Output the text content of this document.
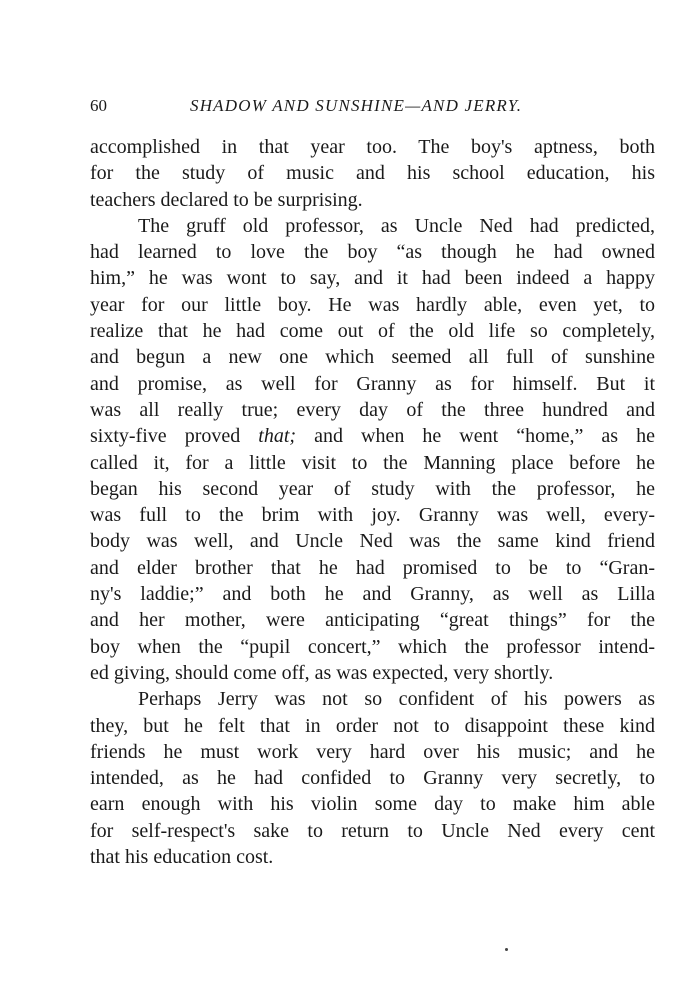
60	SHADOW AND SUNSHINE—AND JERRY.
accomplished in that year too. The boy's aptness, both
for the study of music and his school education, his
teachers declared to be surprising.
The gruff old professor, as Uncle Ned had predicted,
had learned to love the boy “as though he had owned
him,” he was wont to say, and it had been indeed a happy
year for our little boy. He was hardly able, even yet, to
realize that he had come out of the old life so completely,
and begun a new one which seemed all full of sunshine
and promise, as well for Granny as for himself. But it
was all really true; every day of the three hundred and
sixty-five proved that; and when he went “home,” as he
called it, for a little visit to the Manning place before he
began his second year of study with the professor, he
was full to the brim with joy. Granny was well, every-
body was well, and Uncle Ned was the same kind friend
and elder brother that he had promised to be to “Gran-
ny's laddie;” and both he and Granny, as well as Lilla
and her mother, were anticipating “great things” for the
boy when the “pupil concert,” which the professor intend-
ed giving, should come off, as was expected, very shortly.
Perhaps Jerry was not so confident of his powers as
they, but he felt that in order not to disappoint these kind
friends he must work very hard over his music; and he
intended, as he had confided to Granny very secretly, to
earn enough with his violin some day to make him able
for self-respect's sake to return to Uncle Ned every cent
that his education cost.
